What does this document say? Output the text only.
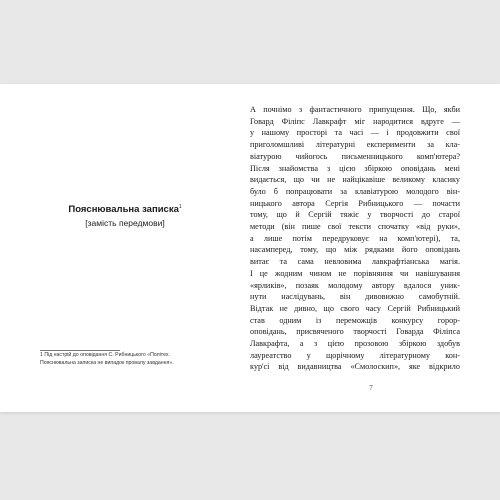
Пояснювальна записка$^1$
[замість передмови]
1 Під настрій до оповідання С. Рибницького «Політех.
Пояснювальна записка не випадок провалу завдання».
А почнімо з фантастичного припущення. Що, якби
Говард Філіпс Лавкрафт міг народитися вдруге —
у нашому просторі та часі — і продовжити свої
приголомшливі літературні експерименти за кла-
віатурою чийогось письменницького комп'ютера?
Після знайомства з цією збіркою оповідань мені
видається, що чи не найцікавіше великому класику
було б попрацювати за клавіатурою молодого він-
ницького автора Сергія Рибницького — почасти
тому, що й Сергій тяжіє у творчості до старої
методи (він пише свої тексти спочатку «від руки»,
а лише потім передруковує на комп'ютері), та,
насамперед, тому, що між рядками його оповідань
витає та сама невловима лавкрафтіанська магія.
І це жодним чином не порівняння чи навішування
«ярликів», позаяк молодому автору вдалося уник-
нути наслідувань, він дивовижно самобутній.
Відтак не дивно, що свого часу Сергій Рибницький
став одним із переможців конкурсу горор-
оповідань, присвяченого творчості Говарда Філіпса
Лавкрафта, а з цією прозовою збіркою здобув
лауреатство у щорічному літературному кон-
кур'сі від видавництва «Смолоскип», яке відкрило
7
